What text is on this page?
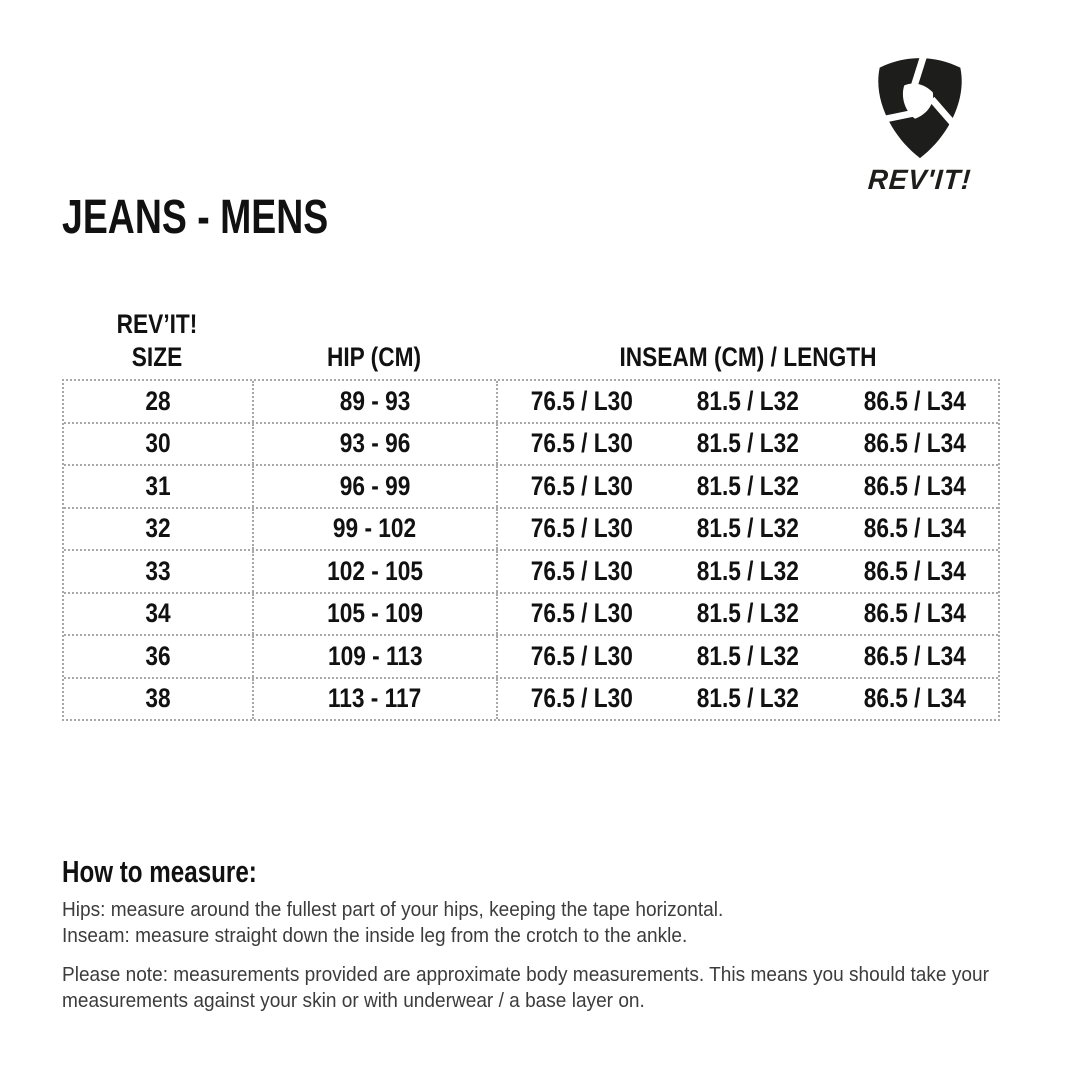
REV'IT!
JEANS - MENS
REV’IT!
SIZE	HIP (CM)	INSEAM (CM) / LENGTH
28	89 - 93	76.5 / L30 81.5 / L32 86.5 / L34
30	93 - 96	76.5 / L30 81.5 / L32 86.5 / L34
31	96 - 99	76.5 / L30 81.5 / L32 86.5 / L34
32	99 - 102	76.5 / L30 81.5 / L32 86.5 / L34
33	102 - 105	76.5 / L30 81.5 / L32 86.5 / L34
34	105 - 109	76.5 / L30 81.5 / L32 86.5 / L34
36	109 - 113	76.5 / L30 81.5 / L32 86.5 / L34
38	113 - 117	76.5 / L30 81.5 / L32 86.5 / L34
How to measure:
Hips: measure around the fullest part of your hips, keeping the tape horizontal.
Inseam: measure straight down the inside leg from the crotch to the ankle.
Please note: measurements provided are approximate body measurements. This means you should take your measurements against your skin or with underwear / a base layer on.
